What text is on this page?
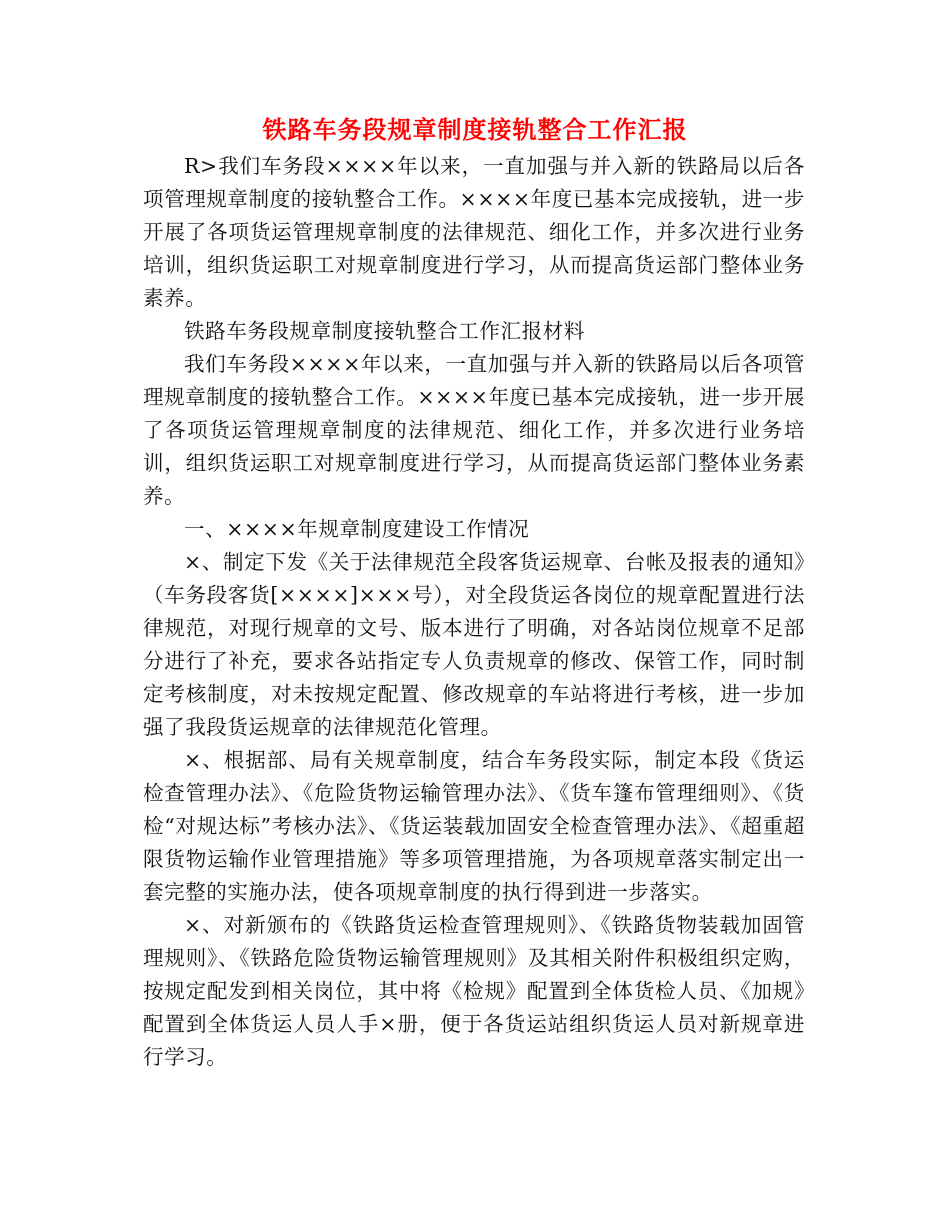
铁路车务段规章制度接轨整合工作汇报

R>我们车务段××××年以来，一直加强与并入新的铁路局以后各项管理规章制度的接轨整合工作。××××年度已基本完成接轨，进一步开展了各项货运管理规章制度的法律规范、细化工作，并多次进行业务培训，组织货运职工对规章制度进行学习，从而提高货运部门整体业务素养。

铁路车务段规章制度接轨整合工作汇报材料

我们车务段××××年以来，一直加强与并入新的铁路局以后各项管理规章制度的接轨整合工作。××××年度已基本完成接轨，进一步开展了各项货运管理规章制度的法律规范、细化工作，并多次进行业务培训，组织货运职工对规章制度进行学习，从而提高货运部门整体业务素养。

一、××××年规章制度建设工作情况

×、制定下发《关于法律规范全段客货运规章、台帐及报表的通知》（车务段客货[××××]×××号），对全段货运各岗位的规章配置进行法律规范，对现行规章的文号、版本进行了明确，对各站岗位规章不足部分进行了补充，要求各站指定专人负责规章的修改、保管工作，同时制定考核制度，对未按规定配置、修改规章的车站将进行考核，进一步加强了我段货运规章的法律规范化管理。

×、根据部、局有关规章制度，结合车务段实际，制定本段《货运检查管理办法》、《危险货物运输管理办法》、《货车篷布管理细则》、《货检“对规达标”考核办法》、《货运装载加固安全检查管理办法》、《超重超限货物运输作业管理措施》等多项管理措施，为各项规章落实制定出一套完整的实施办法，使各项规章制度的执行得到进一步落实。

×、对新颁布的《铁路货运检查管理规则》、《铁路货物装载加固管理规则》、《铁路危险货物运输管理规则》及其相关附件积极组织定购，按规定配发到相关岗位，其中将《检规》配置到全体货检人员、《加规》配置到全体货运人员人手×册，便于各货运站组织货运人员对新规章进行学习。
